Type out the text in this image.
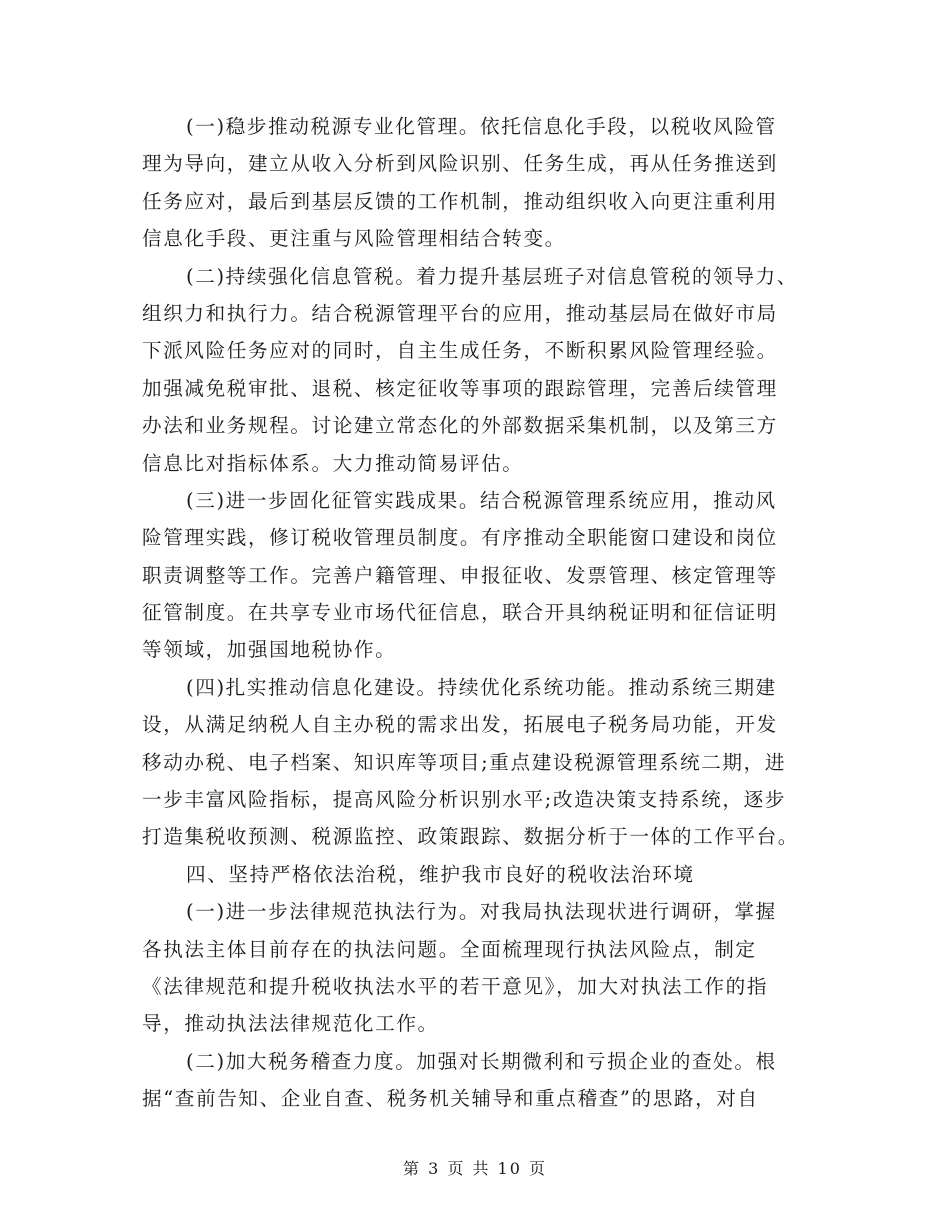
(一)稳步推动税源专业化管理。依托信息化手段，以税收风险管
理为导向，建立从收入分析到风险识别、任务生成，再从任务推送到
任务应对，最后到基层反馈的工作机制，推动组织收入向更注重利用
信息化手段、更注重与风险管理相结合转变。
(二)持续强化信息管税。着力提升基层班子对信息管税的领导力、
组织力和执行力。结合税源管理平台的应用，推动基层局在做好市局
下派风险任务应对的同时，自主生成任务，不断积累风险管理经验。
加强减免税审批、退税、核定征收等事项的跟踪管理，完善后续管理
办法和业务规程。讨论建立常态化的外部数据采集机制，以及第三方
信息比对指标体系。大力推动简易评估。
(三)进一步固化征管实践成果。结合税源管理系统应用，推动风
险管理实践，修订税收管理员制度。有序推动全职能窗口建设和岗位
职责调整等工作。完善户籍管理、申报征收、发票管理、核定管理等
征管制度。在共享专业市场代征信息，联合开具纳税证明和征信证明
等领域，加强国地税协作。
(四)扎实推动信息化建设。持续优化系统功能。推动系统三期建
设，从满足纳税人自主办税的需求出发，拓展电子税务局功能，开发
移动办税、电子档案、知识库等项目;重点建设税源管理系统二期，进
一步丰富风险指标，提高风险分析识别水平;改造决策支持系统，逐步
打造集税收预测、税源监控、政策跟踪、数据分析于一体的工作平台。
四、坚持严格依法治税，维护我市良好的税收法治环境
(一)进一步法律规范执法行为。对我局执法现状进行调研，掌握
各执法主体目前存在的执法问题。全面梳理现行执法风险点，制定
《法律规范和提升税收执法水平的若干意见》，加大对执法工作的指
导，推动执法法律规范化工作。
(二)加大税务稽查力度。加强对长期微利和亏损企业的查处。根
据“查前告知、企业自查、税务机关辅导和重点稽查”的思路，对自
第 3 页 共 10 页
